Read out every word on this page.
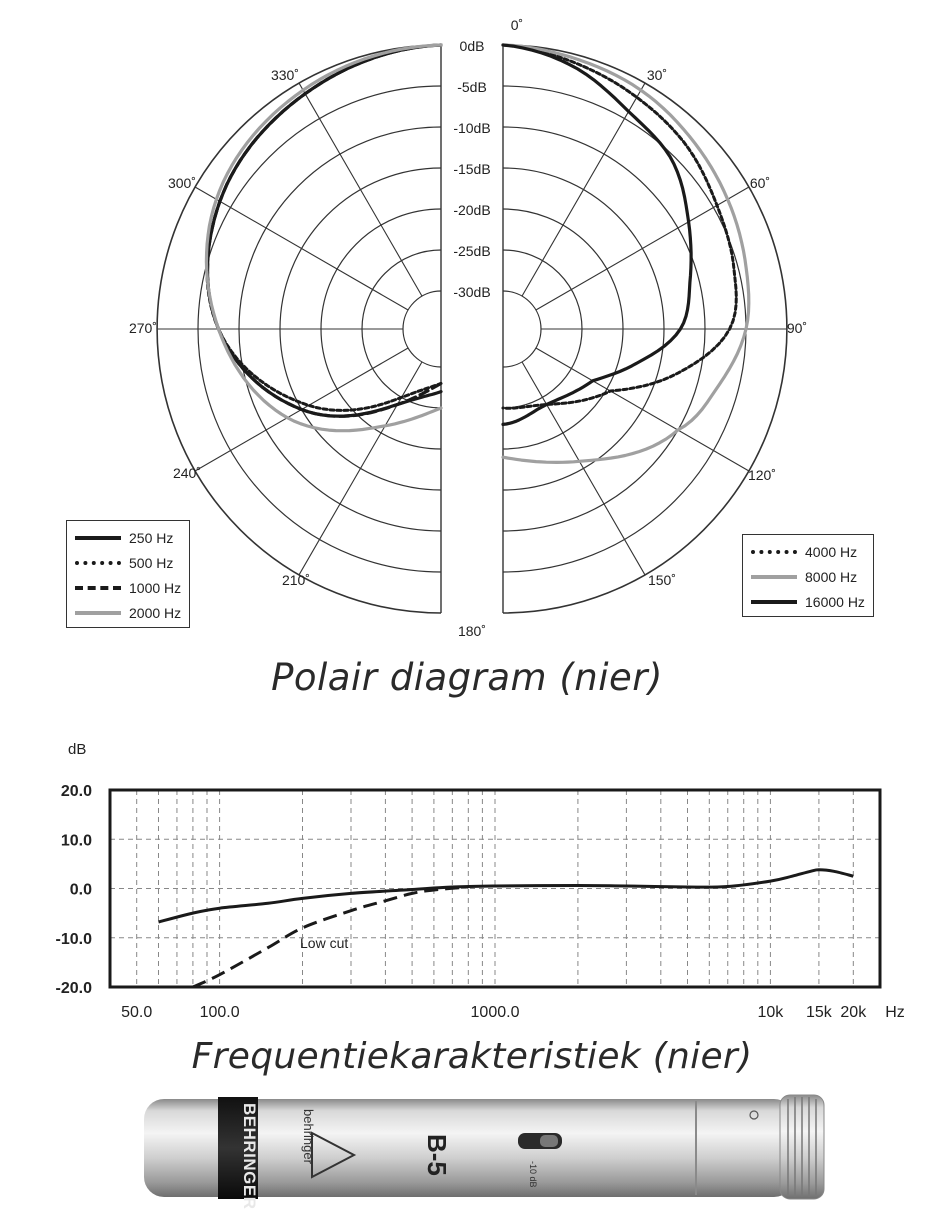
0dB
-5dB
-10dB
-15dB
-20dB
-25dB
-30dB
0˚
30˚
60˚
90˚
120˚
150˚
180˚
210˚
240˚
270˚
300˚
330˚
250 Hz
500 Hz
1000 Hz
2000 Hz
4000 Hz
8000 Hz
16000 Hz
Polair diagram (nier)
20.0
10.0
0.0
-10.0
-20.0
50.0	100.0	1000.0	10k 15k 20k
dB
Hz
Low cut
Frequentiekarakteristiek (nier)
BEHRINGER	behringer	B-5	-10 dB
